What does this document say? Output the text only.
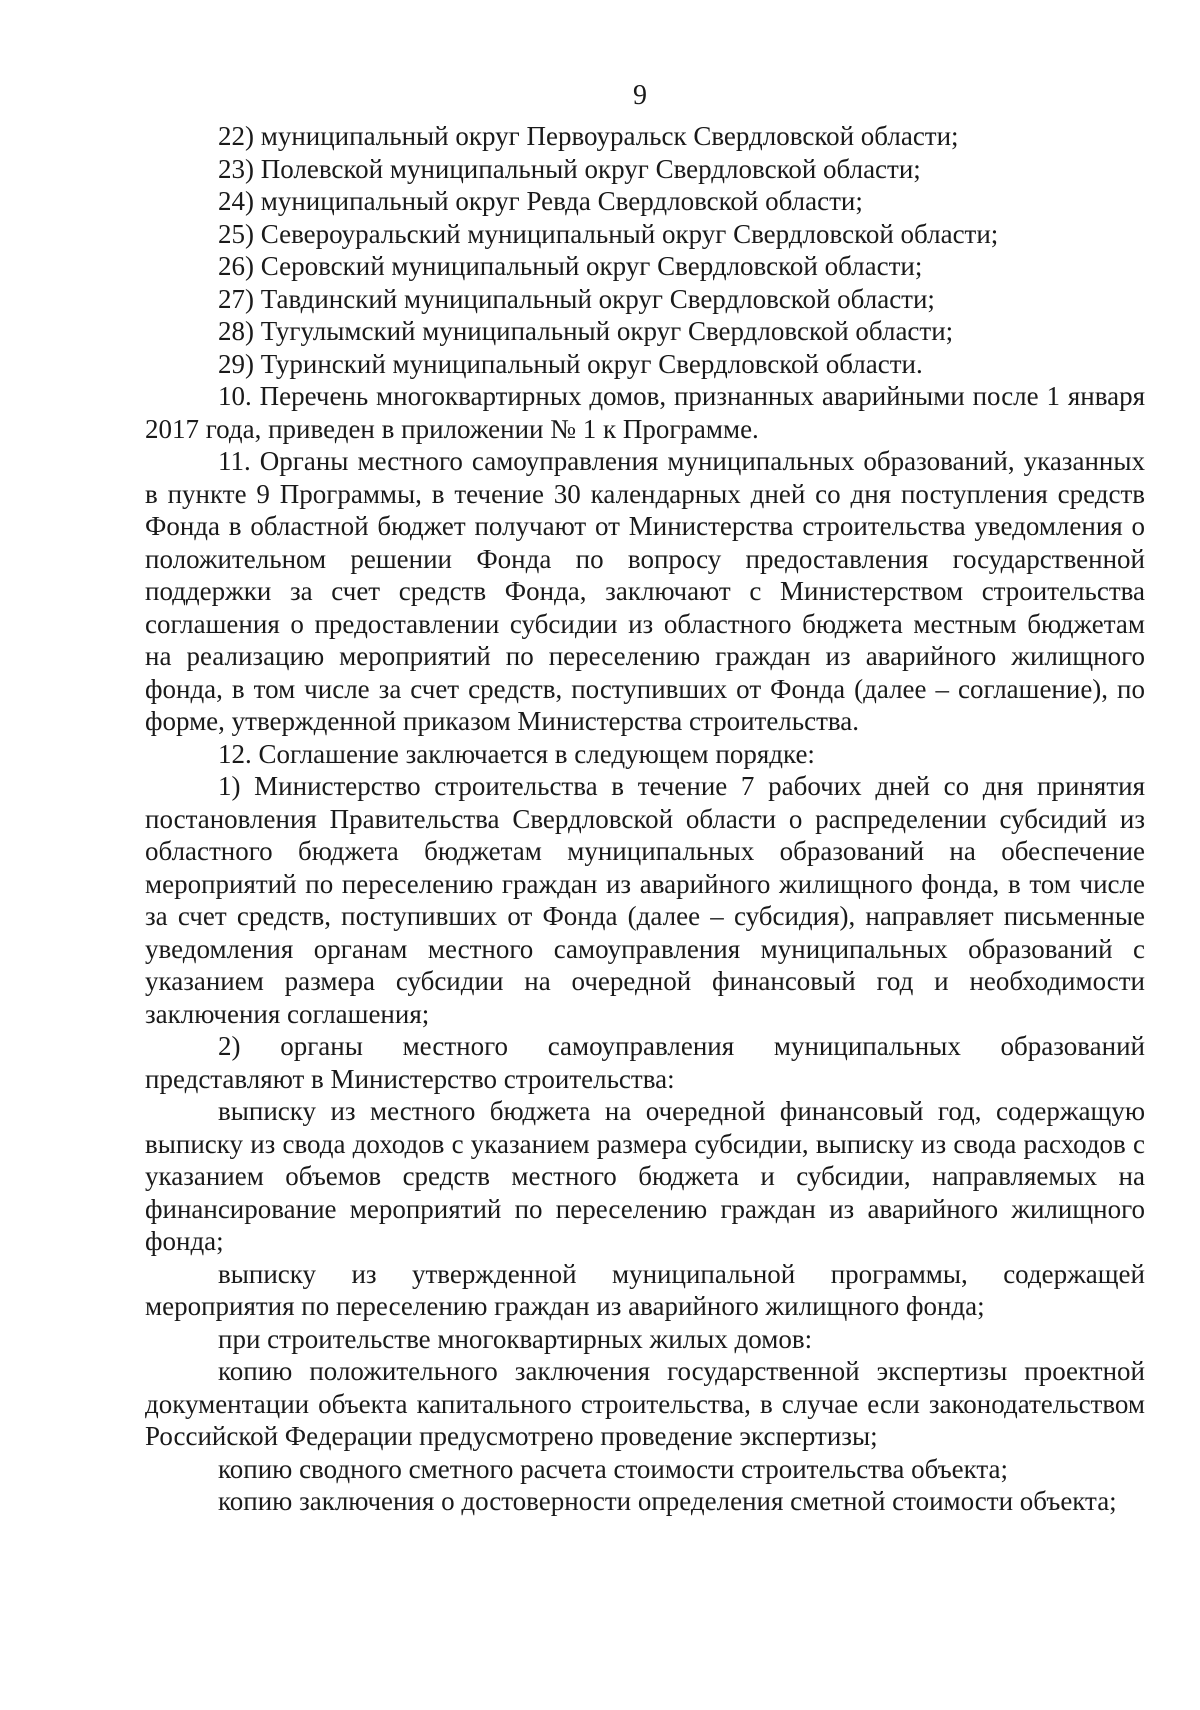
9

22) муниципальный округ Первоуральск Свердловской области;

23) Полевской муниципальный округ Свердловской области;

24) муниципальный округ Ревда Свердловской области;

25) Североуральский муниципальный округ Свердловской области;

26) Серовский муниципальный округ Свердловской области;

27) Тавдинский муниципальный округ Свердловской области;

28) Тугулымский муниципальный округ Свердловской области;

29) Туринский муниципальный округ Свердловской области.

10. Перечень многоквартирных домов, признанных аварийными после 1 января 2017 года, приведен в приложении № 1 к Программе.

11. Органы местного самоуправления муниципальных образований, указанных в пункте 9 Программы, в течение 30 календарных дней со дня поступления средств Фонда в областной бюджет получают от Министерства строительства уведомления о положительном решении Фонда по вопросу предоставления государственной поддержки за счет средств Фонда, заключают с Министерством строительства соглашения о предоставлении субсидии из областного бюджета местным бюджетам на реализацию мероприятий по переселению граждан из аварийного жилищного фонда, в том числе за счет средств, поступивших от Фонда (далее – соглашение), по форме, утвержденной приказом Министерства строительства.

12. Соглашение заключается в следующем порядке:

1) Министерство строительства в течение 7 рабочих дней со дня принятия постановления Правительства Свердловской области о распределении субсидий из областного бюджета бюджетам муниципальных образований на обеспечение мероприятий по переселению граждан из аварийного жилищного фонда, в том числе за счет средств, поступивших от Фонда (далее – субсидия), направляет письменные уведомления органам местного самоуправления муниципальных образований с указанием размера субсидии на очередной финансовый год и необходимости заключения соглашения;

2) органы местного самоуправления муниципальных образований представляют в Министерство строительства:

выписку из местного бюджета на очередной финансовый год, содержащую выписку из свода доходов с указанием размера субсидии, выписку из свода расходов с указанием объемов средств местного бюджета и субсидии, направляемых на финансирование мероприятий по переселению граждан из аварийного жилищного фонда;

выписку из утвержденной муниципальной программы, содержащей мероприятия по переселению граждан из аварийного жилищного фонда;

при строительстве многоквартирных жилых домов:

копию положительного заключения государственной экспертизы проектной документации объекта капитального строительства, в случае если законодательством Российской Федерации предусмотрено проведение экспертизы;

копию сводного сметного расчета стоимости строительства объекта;

копию заключения о достоверности определения сметной стоимости объекта;
